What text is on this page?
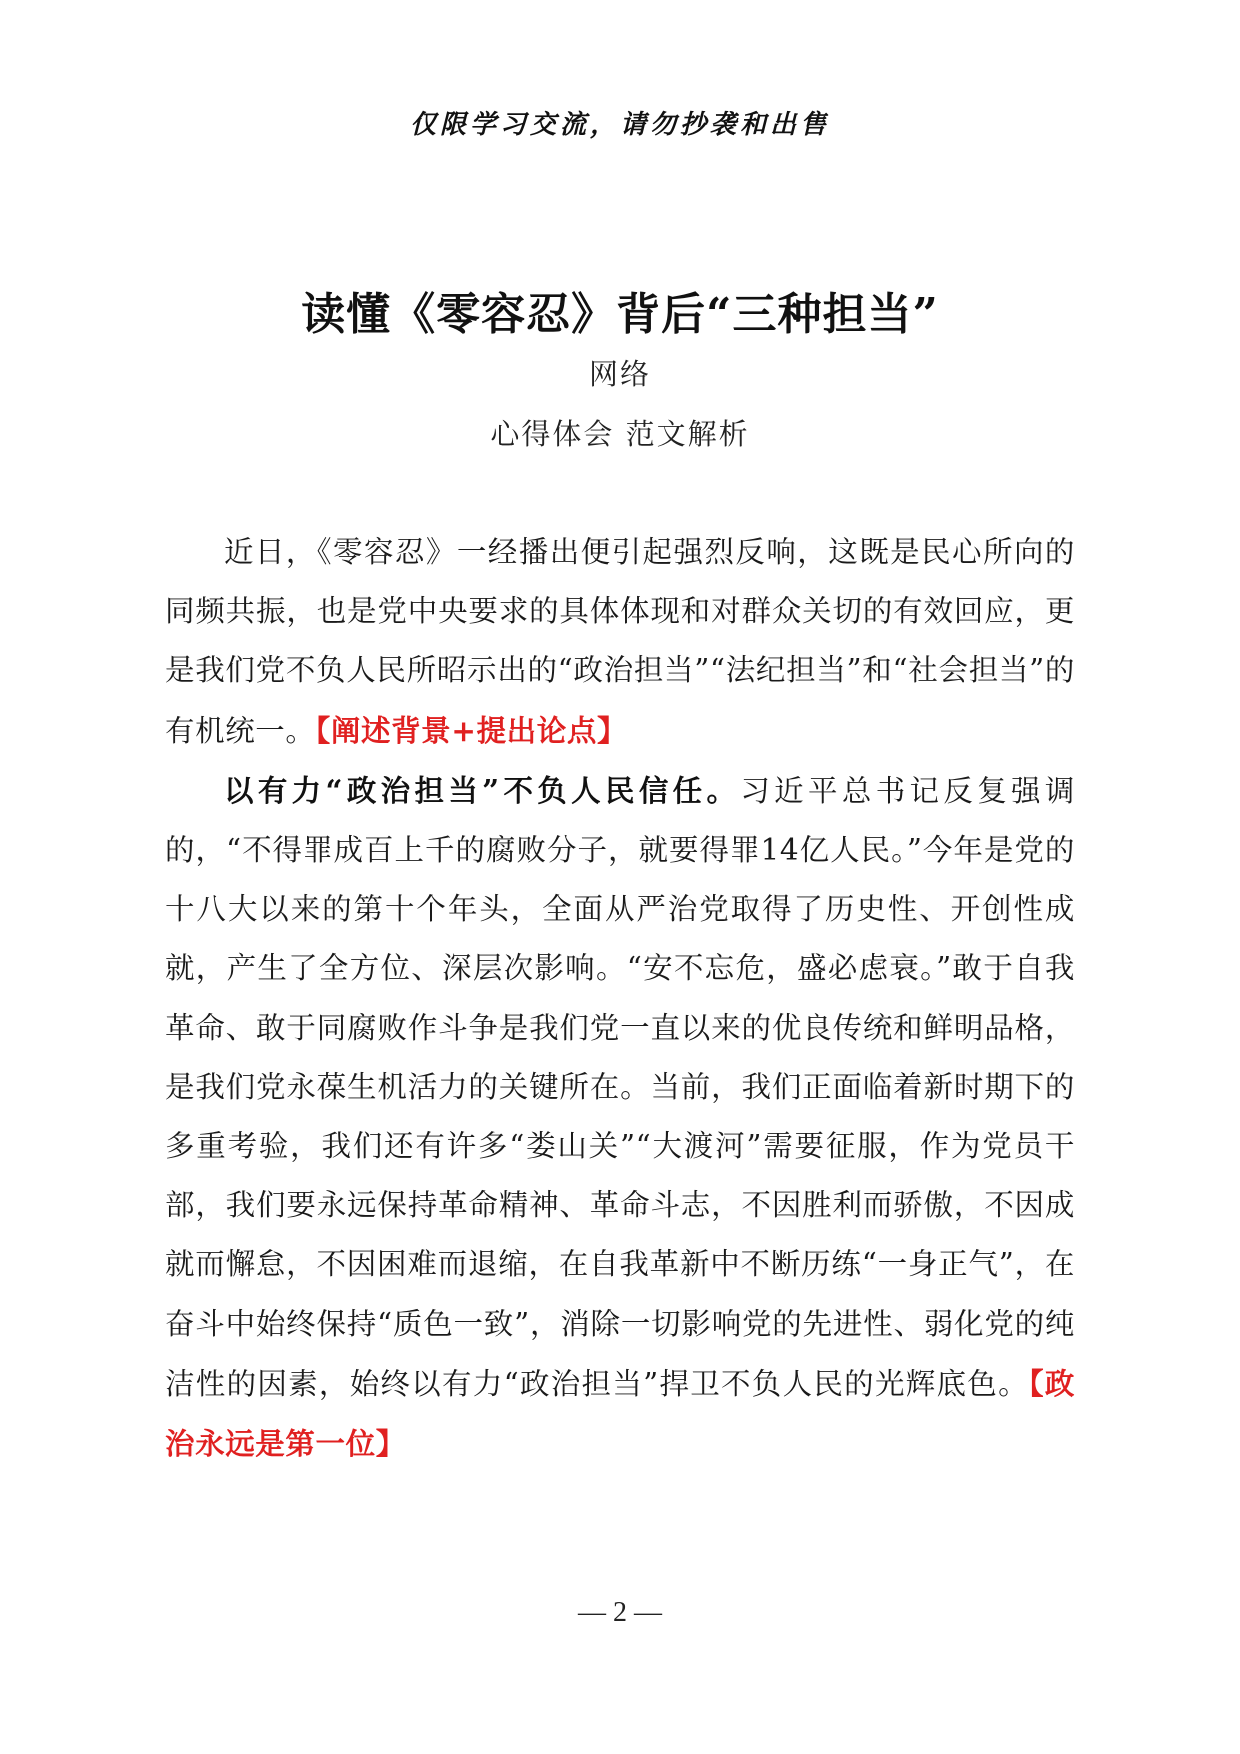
仅限学习交流，请勿抄袭和出售
读懂《零容忍》背后“三种担当”
网络
心得体会 范文解析

近日，《零容忍》一经播出便引起强烈反响，这既是民心所向的同频共振，也是党中央要求的具体体现和对群众关切的有效回应，更是我们党不负人民所昭示出的“政治担当”“法纪担当”和“社会担当”的有机统一。【阐述背景+提出论点】

以有力“政治担当”不负人民信任。习近平总书记反复强调的，“不得罪成百上千的腐败分子，就要得罪14亿人民。”今年是党的十八大以来的第十个年头，全面从严治党取得了历史性、开创性成就，产生了全方位、深层次影响。“安不忘危，盛必虑衰。”敢于自我革命、敢于同腐败作斗争是我们党一直以来的优良传统和鲜明品格，是我们党永葆生机活力的关键所在。当前，我们正面临着新时期下的多重考验，我们还有许多“娄山关”“大渡河”需要征服，作为党员干部，我们要永远保持革命精神、革命斗志，不因胜利而骄傲，不因成就而懈怠，不因困难而退缩，在自我革新中不断历练“一身正气”，在奋斗中始终保持“质色一致”，消除一切影响党的先进性、弱化党的纯洁性的因素，始终以有力“政治担当”捍卫不负人民的光辉底色。【政治永远是第一位】

— 2 —
